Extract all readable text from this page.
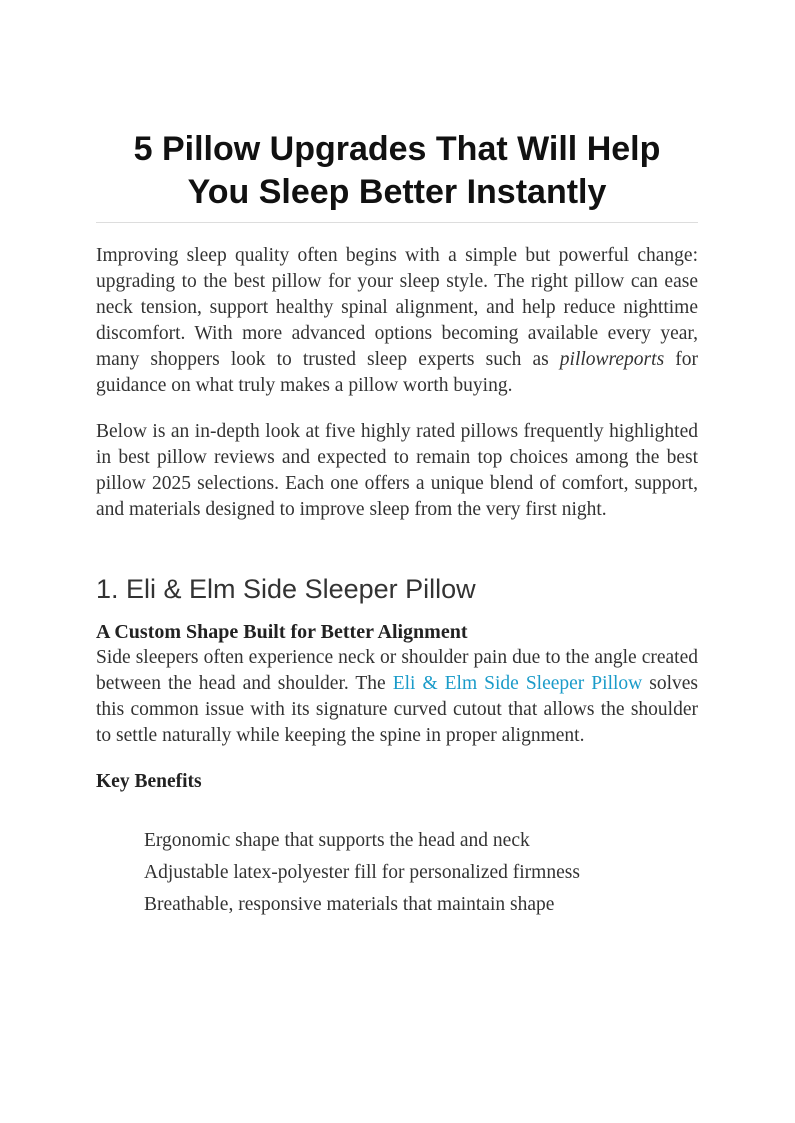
5 Pillow Upgrades That Will Help
You Sleep Better Instantly

Improving sleep quality often begins with a simple but powerful change: upgrading to the best pillow for your sleep style. The right pillow can ease neck tension, support healthy spinal alignment, and help reduce nighttime discomfort. With more advanced options becoming available every year, many shoppers look to trusted sleep experts such as pillowreports for guidance on what truly makes a pillow worth buying.

Below is an in-depth look at five highly rated pillows frequently highlighted in best pillow reviews and expected to remain top choices among the best pillow 2025 selections. Each one offers a unique blend of comfort, support, and materials designed to improve sleep from the very first night.

1. Eli & Elm Side Sleeper Pillow
A Custom Shape Built for Better Alignment

Side sleepers often experience neck or shoulder pain due to the angle created between the head and shoulder. The Eli & Elm Side Sleeper Pillow solves this common issue with its signature curved cutout that allows the shoulder to settle naturally while keeping the spine in proper alignment.

Key Benefits
Ergonomic shape that supports the head and neck
Adjustable latex-polyester fill for personalized firmness
Breathable, responsive materials that maintain shape
